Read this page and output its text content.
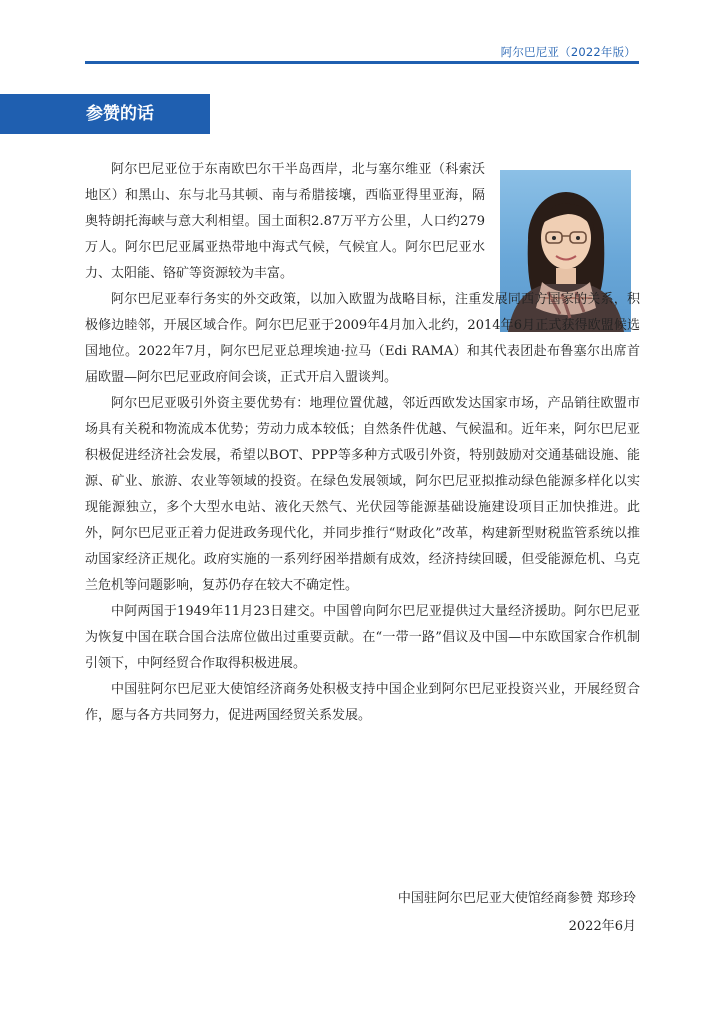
阿尔巴尼亚（2022年版）
参赞的话

阿尔巴尼亚位于东南欧巴尔干半岛西岸，北与塞尔维亚（科索沃地区）和黑山、东与北马其顿、南与希腊接壤，西临亚得里亚海，隔奥特朗托海峡与意大利相望。国土面积2.87万平方公里，人口约279万人。阿尔巴尼亚属亚热带地中海式气候，气候宜人。阿尔巴尼亚水力、太阳能、铬矿等资源较为丰富。

阿尔巴尼亚奉行务实的外交政策，以加入欧盟为战略目标，注重发展同西方国家的关系，积极修边睦邻，开展区域合作。阿尔巴尼亚于2009年4月加入北约，2014年6月正式获得欧盟候选国地位。2022年7月，阿尔巴尼亚总理埃迪·拉马（Edi RAMA）和其代表团赴布鲁塞尔出席首届欧盟—阿尔巴尼亚政府间会谈，正式开启入盟谈判。

阿尔巴尼亚吸引外资主要优势有：地理位置优越，邻近西欧发达国家市场，产品销往欧盟市场具有关税和物流成本优势；劳动力成本较低；自然条件优越、气候温和。近年来，阿尔巴尼亚积极促进经济社会发展，希望以BOT、PPP等多种方式吸引外资，特别鼓励对交通基础设施、能源、矿业、旅游、农业等领域的投资。在绿色发展领域，阿尔巴尼亚拟推动绿色能源多样化以实现能源独立，多个大型水电站、液化天然气、光伏园等能源基础设施建设项目正加快推进。此外，阿尔巴尼亚正着力促进政务现代化，并同步推行“财政化”改革，构建新型财税监管系统以推动国家经济正规化。政府实施的一系列纾困举措颇有成效，经济持续回暖，但受能源危机、乌克兰危机等问题影响，复苏仍存在较大不确定性。

中阿两国于1949年11月23日建交。中国曾向阿尔巴尼亚提供过大量经济援助。阿尔巴尼亚为恢复中国在联合国合法席位做出过重要贡献。在“一带一路”倡议及中国—中东欧国家合作机制引领下，中阿经贸合作取得积极进展。

中国驻阿尔巴尼亚大使馆经济商务处积极支持中国企业到阿尔巴尼亚投资兴业，开展经贸合作，愿与各方共同努力，促进两国经贸关系发展。

中国驻阿尔巴尼亚大使馆经商参赞 郑珍玲
2022年6月
